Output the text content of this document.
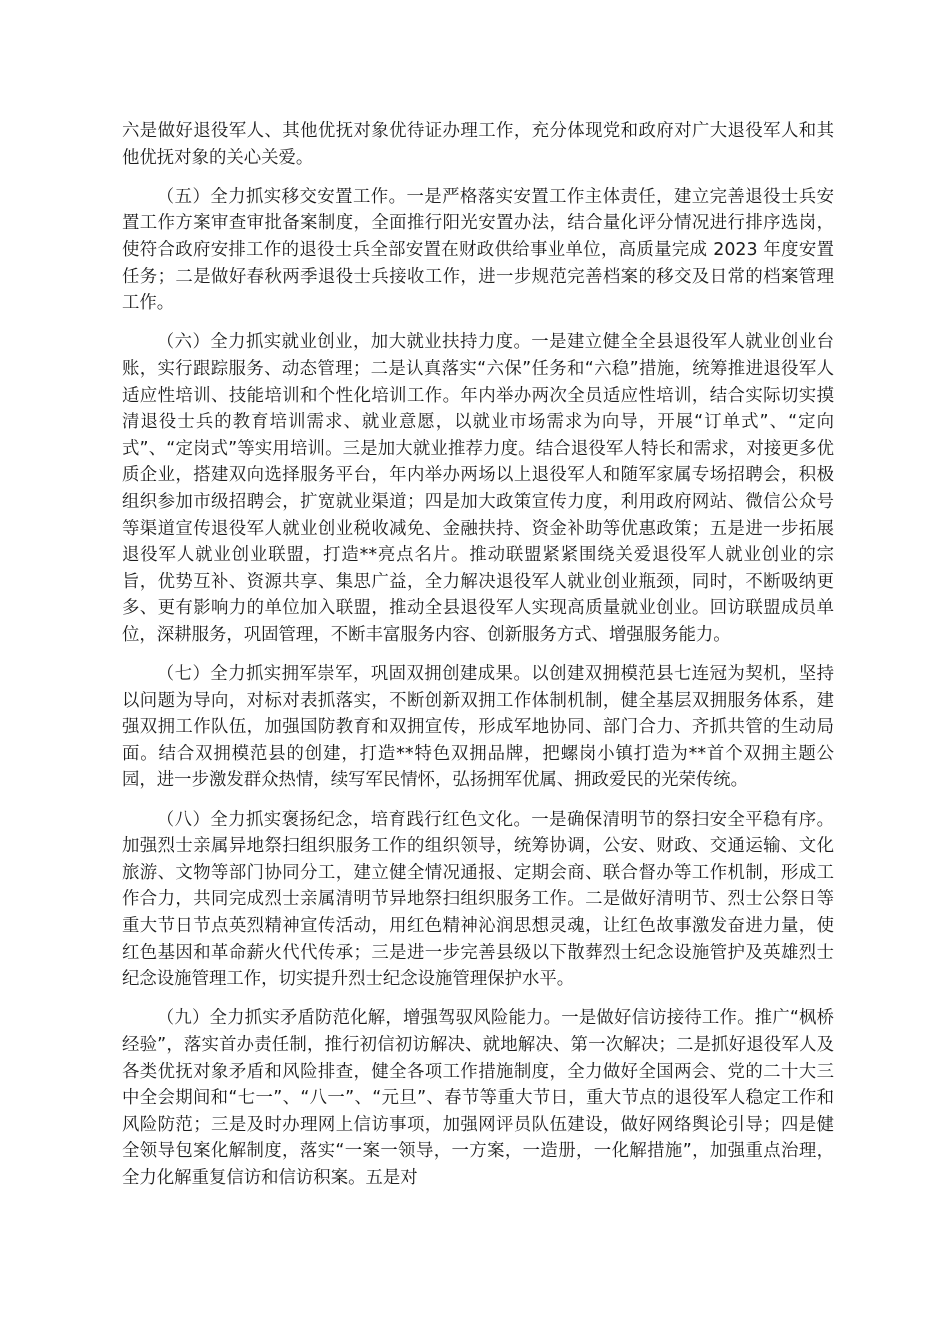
六是做好退役军人、其他优抚对象优待证办理工作，充分体现党和政府对广大退役军人和其他优抚对象的关心关爱。

（五）全力抓实移交安置工作。一是严格落实安置工作主体责任，建立完善退役士兵安置工作方案审查审批备案制度，全面推行阳光安置办法，结合量化评分情况进行排序选岗，使符合政府安排工作的退役士兵全部安置在财政供给事业单位，高质量完成 2023 年度安置任务；二是做好春秋两季退役士兵接收工作，进一步规范完善档案的移交及日常的档案管理工作。

（六）全力抓实就业创业，加大就业扶持力度。一是建立健全全县退役军人就业创业台账，实行跟踪服务、动态管理；二是认真落实“六保”任务和“六稳”措施，统筹推进退役军人适应性培训、技能培训和个性化培训工作。年内举办两次全员适应性培训，结合实际切实摸清退役士兵的教育培训需求、就业意愿，以就业市场需求为向导，开展“订单式”、“定向式”、“定岗式”等实用培训。三是加大就业推荐力度。结合退役军人特长和需求，对接更多优质企业，搭建双向选择服务平台，年内举办两场以上退役军人和随军家属专场招聘会，积极组织参加市级招聘会，扩宽就业渠道；四是加大政策宣传力度，利用政府网站、微信公众号等渠道宣传退役军人就业创业税收减免、金融扶持、资金补助等优惠政策；五是进一步拓展退役军人就业创业联盟，打造**亮点名片。推动联盟紧紧围绕关爱退役军人就业创业的宗旨，优势互补、资源共享、集思广益，全力解决退役军人就业创业瓶颈，同时，不断吸纳更多、更有影响力的单位加入联盟，推动全县退役军人实现高质量就业创业。回访联盟成员单位，深耕服务，巩固管理，不断丰富服务内容、创新服务方式、增强服务能力。

（七）全力抓实拥军崇军，巩固双拥创建成果。以创建双拥模范县七连冠为契机，坚持以问题为导向，对标对表抓落实，不断创新双拥工作体制机制，健全基层双拥服务体系，建强双拥工作队伍，加强国防教育和双拥宣传，形成军地协同、部门合力、齐抓共管的生动局面。结合双拥模范县的创建，打造**特色双拥品牌，把螺岗小镇打造为**首个双拥主题公园，进一步激发群众热情，续写军民情怀，弘扬拥军优属、拥政爱民的光荣传统。

（八）全力抓实褒扬纪念，培育践行红色文化。一是确保清明节的祭扫安全平稳有序。加强烈士亲属异地祭扫组织服务工作的组织领导，统筹协调，公安、财政、交通运输、文化旅游、文物等部门协同分工，建立健全情况通报、定期会商、联合督办等工作机制，形成工作合力，共同完成烈士亲属清明节异地祭扫组织服务工作。二是做好清明节、烈士公祭日等重大节日节点英烈精神宣传活动，用红色精神沁润思想灵魂，让红色故事激发奋进力量，使红色基因和革命薪火代代传承；三是进一步完善县级以下散葬烈士纪念设施管护及英雄烈士纪念设施管理工作，切实提升烈士纪念设施管理保护水平。

（九）全力抓实矛盾防范化解，增强驾驭风险能力。一是做好信访接待工作。推广“枫桥经验”，落实首办责任制，推行初信初访解决、就地解决、第一次解决；二是抓好退役军人及各类优抚对象矛盾和风险排查，健全各项工作措施制度，全力做好全国两会、党的二十大三中全会期间和“七一”、“八一”、“元旦”、春节等重大节日，重大节点的退役军人稳定工作和风险防范；三是及时办理网上信访事项，加强网评员队伍建设，做好网络舆论引导；四是健全领导包案化解制度，落实“一案一领导，一方案，一造册，一化解措施”，加强重点治理，全力化解重复信访和信访积案。五是对
